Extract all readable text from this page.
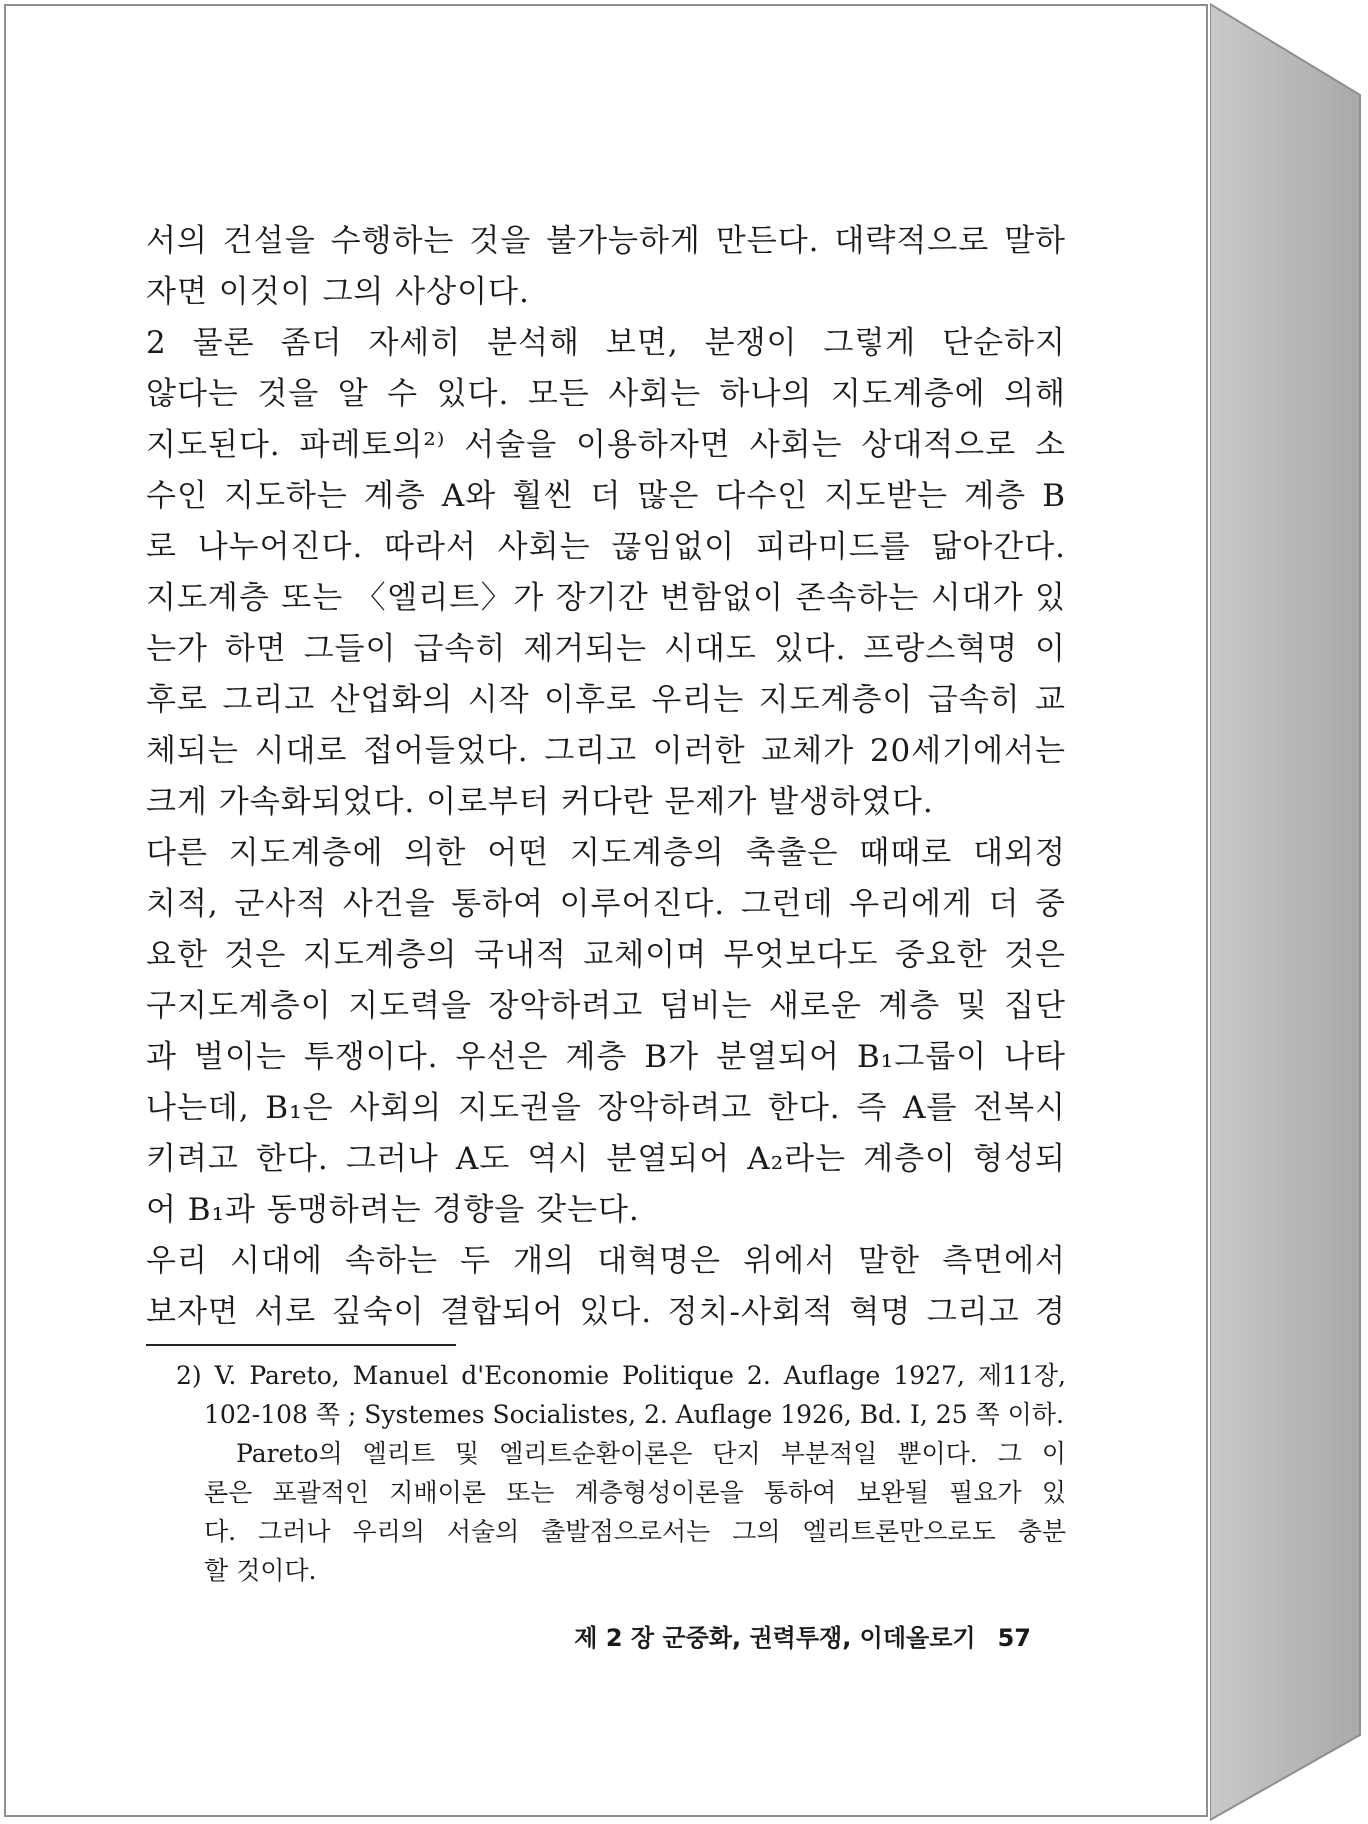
서의 건설을 수행하는 것을 불가능하게 만든다. 대략적으로 말하
자면 이것이 그의 사상이다.
2 물론 좀더 자세히 분석해 보면, 분쟁이 그렇게 단순하지
않다는 것을 알 수 있다. 모든 사회는 하나의 지도계층에 의해
지도된다. 파레토의²⁾ 서술을 이용하자면 사회는 상대적으로 소
수인 지도하는 계층 A와 훨씬 더 많은 다수인 지도받는 계층 B
로 나누어진다. 따라서 사회는 끊임없이 피라미드를 닮아간다.
지도계층 또는 〈엘리트〉가 장기간 변함없이 존속하는 시대가 있
는가 하면 그들이 급속히 제거되는 시대도 있다. 프랑스혁명 이
후로 그리고 산업화의 시작 이후로 우리는 지도계층이 급속히 교
체되는 시대로 접어들었다. 그리고 이러한 교체가 20세기에서는
크게 가속화되었다. 이로부터 커다란 문제가 발생하였다.
다른 지도계층에 의한 어떤 지도계층의 축출은 때때로 대외정
치적, 군사적 사건을 통하여 이루어진다. 그런데 우리에게 더 중
요한 것은 지도계층의 국내적 교체이며 무엇보다도 중요한 것은
구지도계층이 지도력을 장악하려고 덤비는 새로운 계층 및 집단
과 벌이는 투쟁이다. 우선은 계층 B가 분열되어 B₁그룹이 나타
나는데, B₁은 사회의 지도권을 장악하려고 한다. 즉 A를 전복시
키려고 한다. 그러나 A도 역시 분열되어 A₂라는 계층이 형성되
어 B₁과 동맹하려는 경향을 갖는다.
우리 시대에 속하는 두 개의 대혁명은 위에서 말한 측면에서
보자면 서로 깊숙이 결합되어 있다. 정치-사회적 혁명 그리고 경
2) V. Pareto, Manuel d'Economie Politique 2. Auflage 1927, 제11장,
102-108 쪽 ; Systemes Socialistes, 2. Auflage 1926, Bd. I, 25 쪽 이하.
Pareto의 엘리트 및 엘리트순환이론은 단지 부분적일 뿐이다. 그 이
론은 포괄적인 지배이론 또는 계층형성이론을 통하여 보완될 필요가 있
다. 그러나 우리의 서술의 출발점으로서는 그의 엘리트론만으로도 충분
할 것이다.
제 2 장 군중화, 권력투쟁, 이데올로기 57
